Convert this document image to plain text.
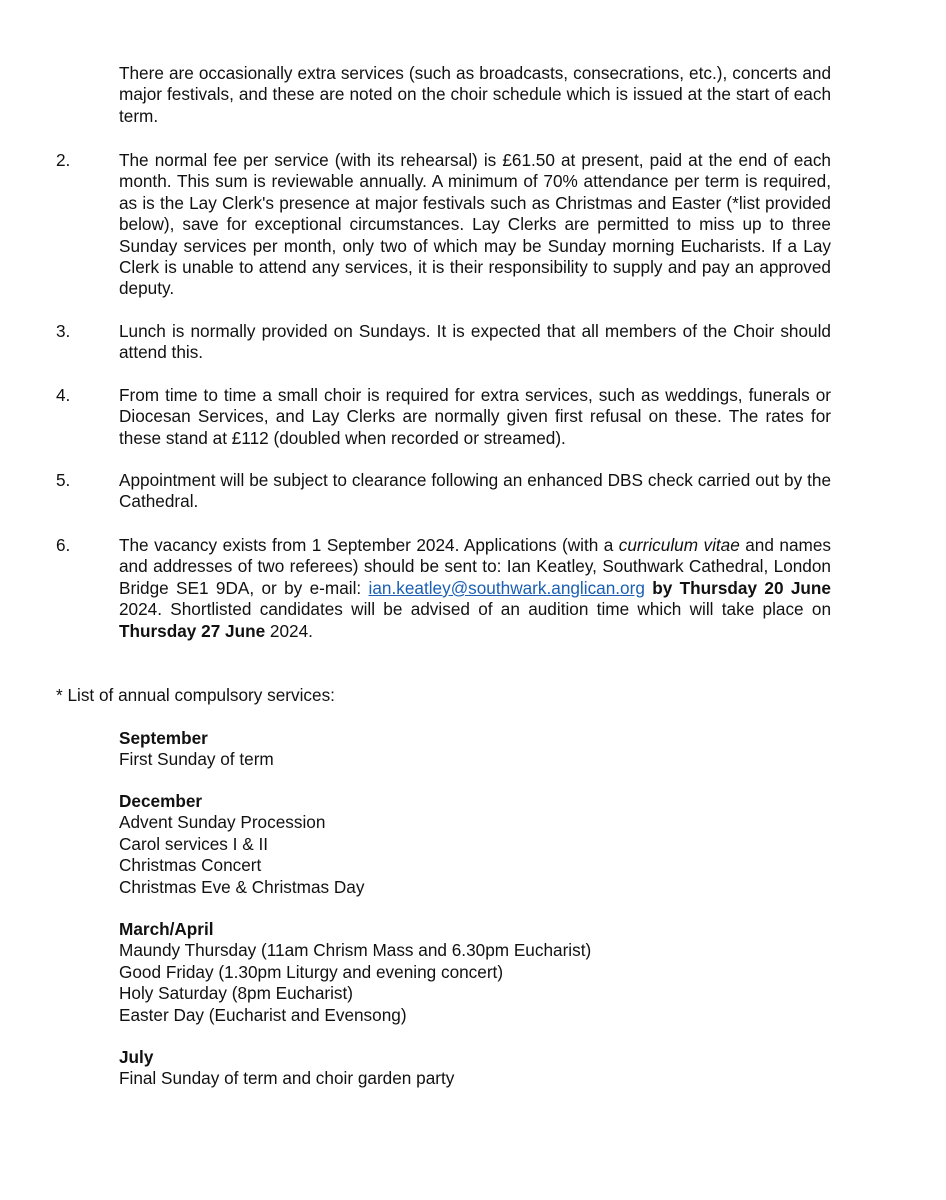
There are occasionally extra services (such as broadcasts, consecrations, etc.), concerts and major festivals, and these are noted on the choir schedule which is issued at the start of each term.

2.	The normal fee per service (with its rehearsal) is £61.50 at present, paid at the end of each month. This sum is reviewable annually. A minimum of 70% attendance per term is required, as is the Lay Clerk's presence at major festivals such as Christmas and Easter (*list provided below), save for exceptional circumstances. Lay Clerks are permitted to miss up to three Sunday services per month, only two of which may be Sunday morning Eucharists. If a Lay Clerk is unable to attend any services, it is their responsibility to supply and pay an approved deputy.

3.	Lunch is normally provided on Sundays. It is expected that all members of the Choir should attend this.

4.	From time to time a small choir is required for extra services, such as weddings, funerals or Diocesan Services, and Lay Clerks are normally given first refusal on these. The rates for these stand at £112 (doubled when recorded or streamed).

5.	Appointment will be subject to clearance following an enhanced DBS check carried out by the Cathedral.

6.	The vacancy exists from 1 September 2024. Applications (with a curriculum vitae and names and addresses of two referees) should be sent to: Ian Keatley, Southwark Cathedral, London Bridge SE1 9DA, or by e-mail: ian.keatley@southwark.anglican.org by Thursday 20 June 2024. Shortlisted candidates will be advised of an audition time which will take place on Thursday 27 June 2024.

* List of annual compulsory services:

September
First Sunday of term
December
Advent Sunday Procession
Carol services I & II
Christmas Concert
Christmas Eve & Christmas Day
March/April
Maundy Thursday (11am Chrism Mass and 6.30pm Eucharist)
Good Friday (1.30pm Liturgy and evening concert)
Holy Saturday (8pm Eucharist)
Easter Day (Eucharist and Evensong)
July
Final Sunday of term and choir garden party
